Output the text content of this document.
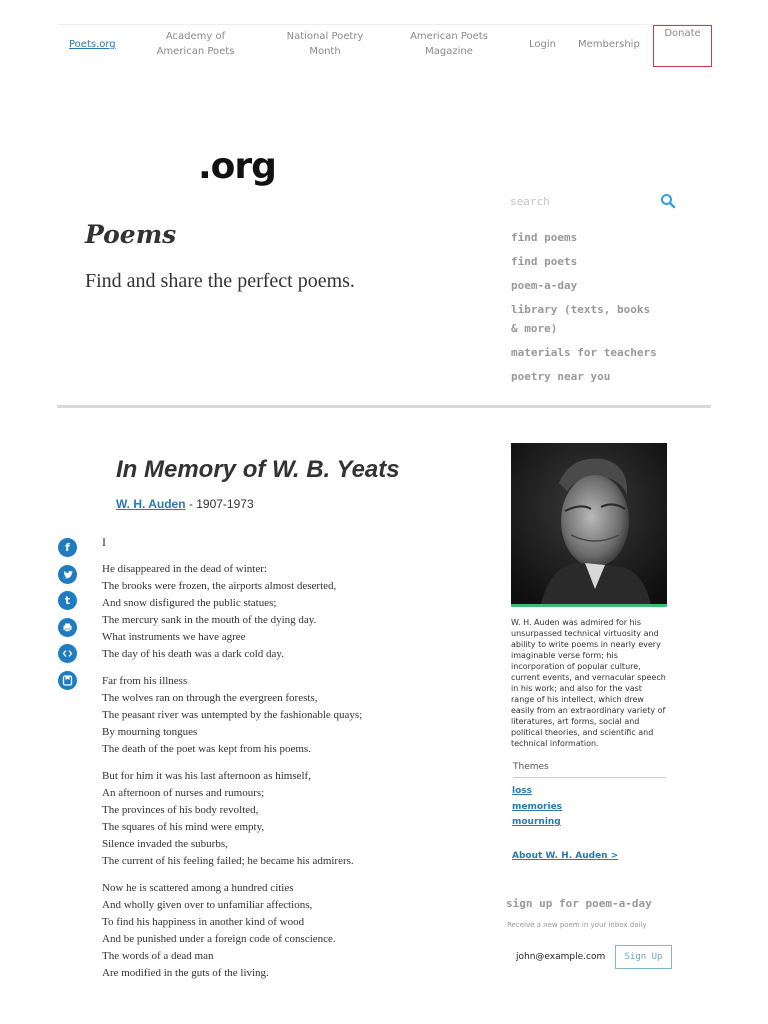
Poets.org
Academy of American Poets
National Poetry Month
American Poets Magazine
Login Membership
Donate
.org
Poems

Find and share the perfect poems.

search
find poems
find poets
poem-a-day
library (texts, books & more)
materials for teachers
poetry near you
In Memory of W. B. Yeats
W. H. Auden - 1907-1973
f
t
I
He disappeared in the dead of winter:
The brooks were frozen, the airports almost deserted,
And snow disfigured the public statues;
The mercury sank in the mouth of the dying day.
What instruments we have agree
The day of his death was a dark cold day.
Far from his illness
The wolves ran on through the evergreen forests,
The peasant river was untempted by the fashionable quays;
By mourning tongues
The death of the poet was kept from his poems.
But for him it was his last afternoon as himself,
An afternoon of nurses and rumours;
The provinces of his body revolted,
The squares of his mind were empty,
Silence invaded the suburbs,
The current of his feeling failed; he became his admirers.
Now he is scattered among a hundred cities
And wholly given over to unfamiliar affections,
To find his happiness in another kind of wood
And be punished under a foreign code of conscience.
The words of a dead man
Are modified in the guts of the living.

W. H. Auden was admired for his unsurpassed technical virtuosity and ability to write poems in nearly every imaginable verse form; his incorporation of popular culture, current events, and vernacular speech in his work; and also for the vast range of his intellect, which drew easily from an extraordinary variety of literatures, art forms, social and political theories, and scientific and technical information.

Themes
loss
memories
mourning
About W. H. Auden >
sign up for poem-a-day
Receive a new poem in your inbox daily
john@example.com
Sign Up
